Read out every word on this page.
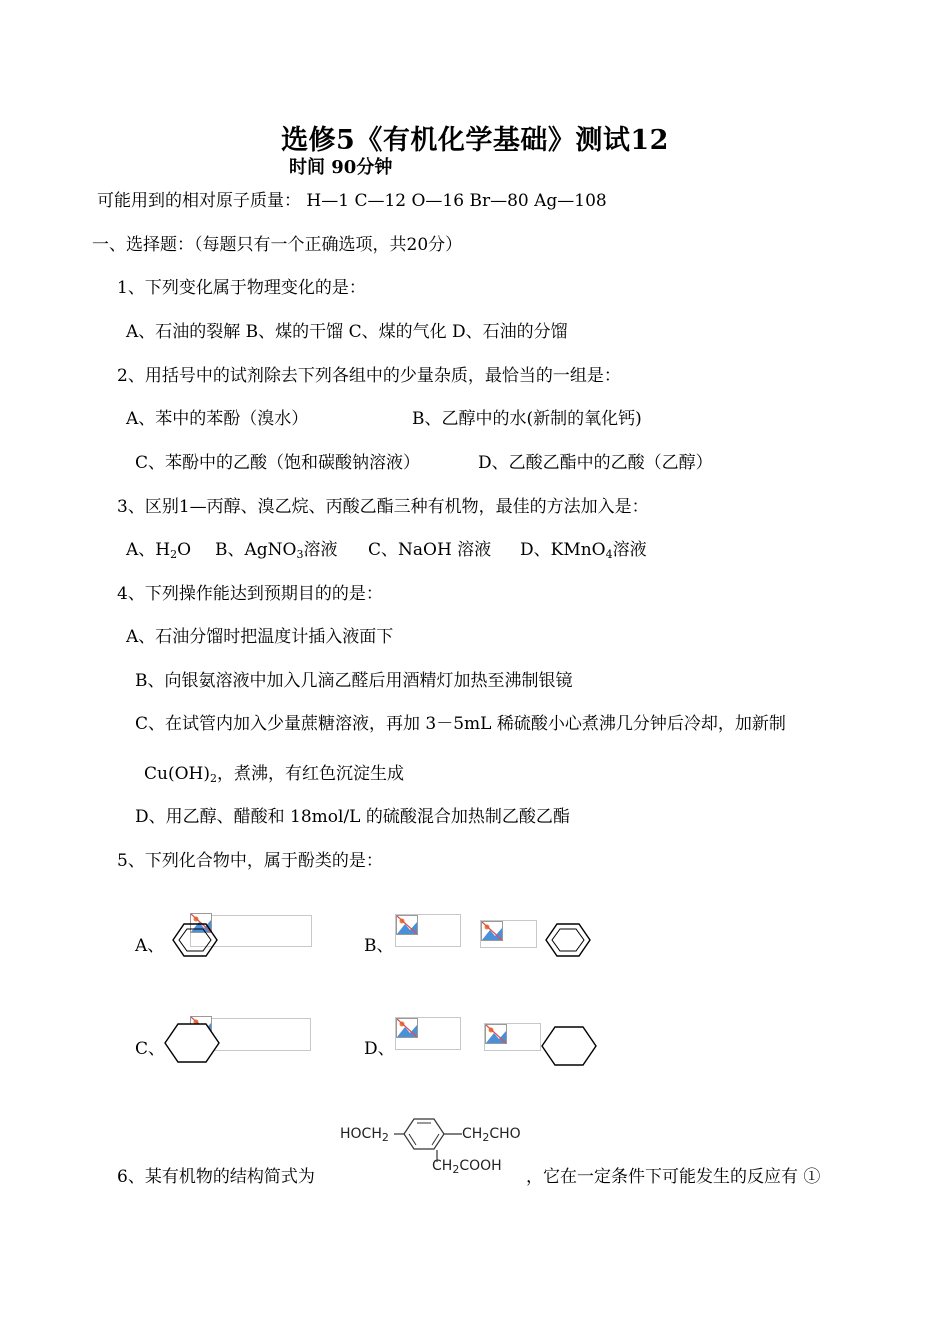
选修5《有机化学基础》测试12
时间 90分钟
可能用到的相对原子质量： H—1 C—12 O—16 Br—80 Ag—108
一、选择题：（每题只有一个正确选项，共20分）
1、下列变化属于物理变化的是：
A、石油的裂解 B、煤的干馏 C、煤的气化 D、石油的分馏
2、用括号中的试剂除去下列各组中的少量杂质，最恰当的一组是：
A、苯中的苯酚（溴水）	B、乙醇中的水(新制的氧化钙)
C、苯酚中的乙酸（饱和碳酸钠溶液）	D、乙酸乙酯中的乙酸（乙醇）
3、区别1—丙醇、溴乙烷、丙酸乙酯三种有机物，最佳的方法加入是：
A、$H_2O$ B、AgNO$_3$溶液 C、NaOH 溶液 D、KMnO$_4$溶液
4、下列操作能达到预期目的的是：
A、石油分馏时把温度计插入液面下
B、向银氨溶液中加入几滴乙醛后用酒精灯加热至沸制银镜
C、在试管内加入少量蔗糖溶液，再加 3－5mL 稀硫酸小心煮沸几分钟后冷却，加新制
$Cu(OH)_2$，煮沸，有红色沉淀生成
D、用乙醇、醋酸和 18mol/L 的硫酸混合加热制乙酸乙酯
5、下列化合物中，属于酚类的是：
A、	B、
C、	D、
$HOCH_2$	$CH_2CHO$
$CH_2COOH$
6、某有机物的结构简式为	，它在一定条件下可能发生的反应有 ①
